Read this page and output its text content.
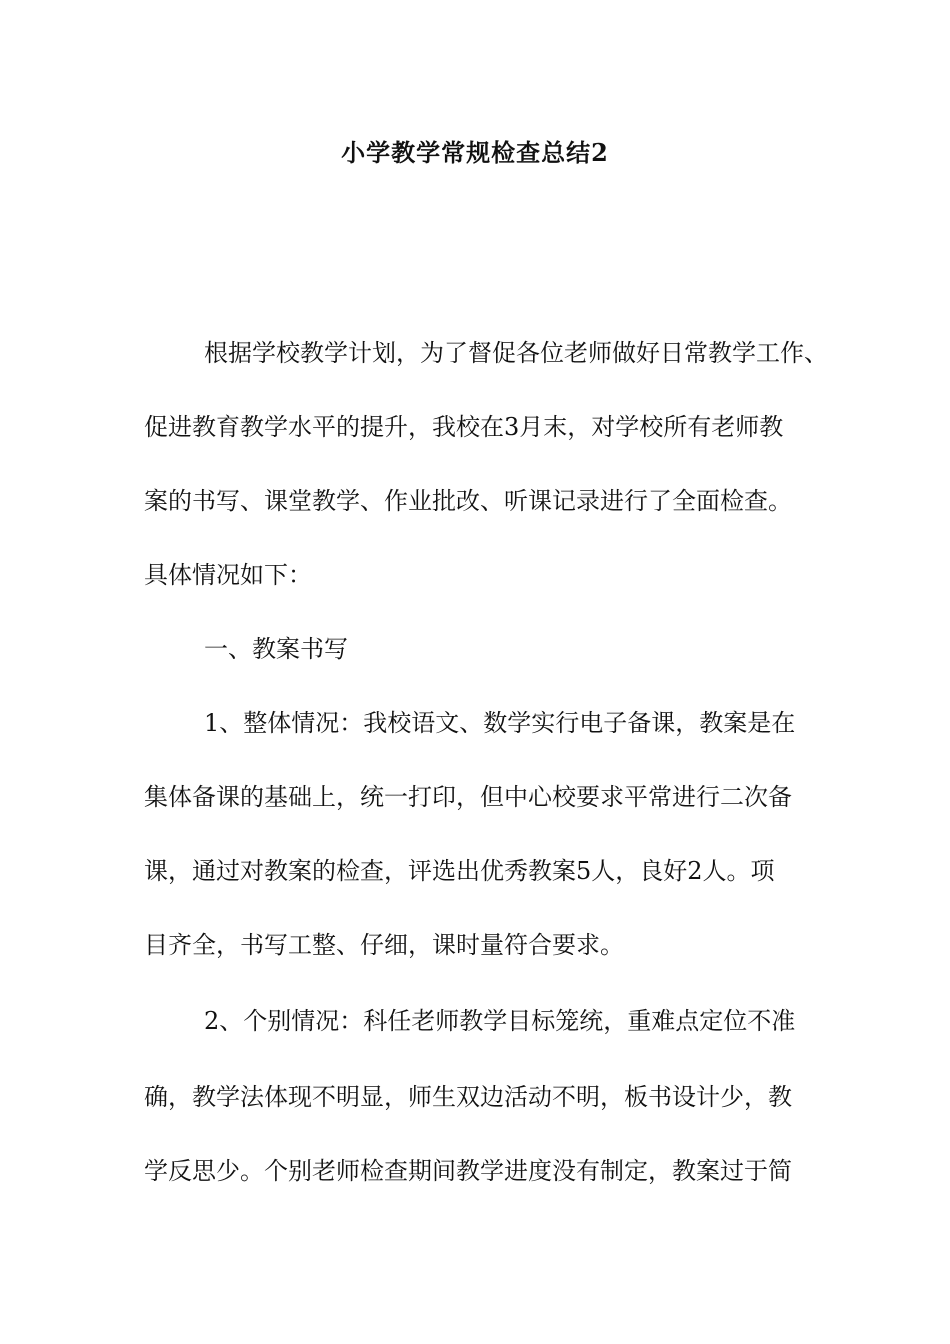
小学教学常规检查总结2
根据学校教学计划，为了督促各位老师做好日常教学工作、
促进教育教学水平的提升，我校在3月末，对学校所有老师教
案的书写、课堂教学、作业批改、听课记录进行了全面检查。
具体情况如下：
一、教案书写
1、整体情况：我校语文、数学实行电子备课，教案是在
集体备课的基础上，统一打印，但中心校要求平常进行二次备
课，通过对教案的检查，评选出优秀教案5人，良好2人。项
目齐全，书写工整、仔细，课时量符合要求。
2、个别情况：科任老师教学目标笼统，重难点定位不准
确，教学法体现不明显，师生双边活动不明，板书设计少，教
学反思少。个别老师检查期间教学进度没有制定，教案过于简
